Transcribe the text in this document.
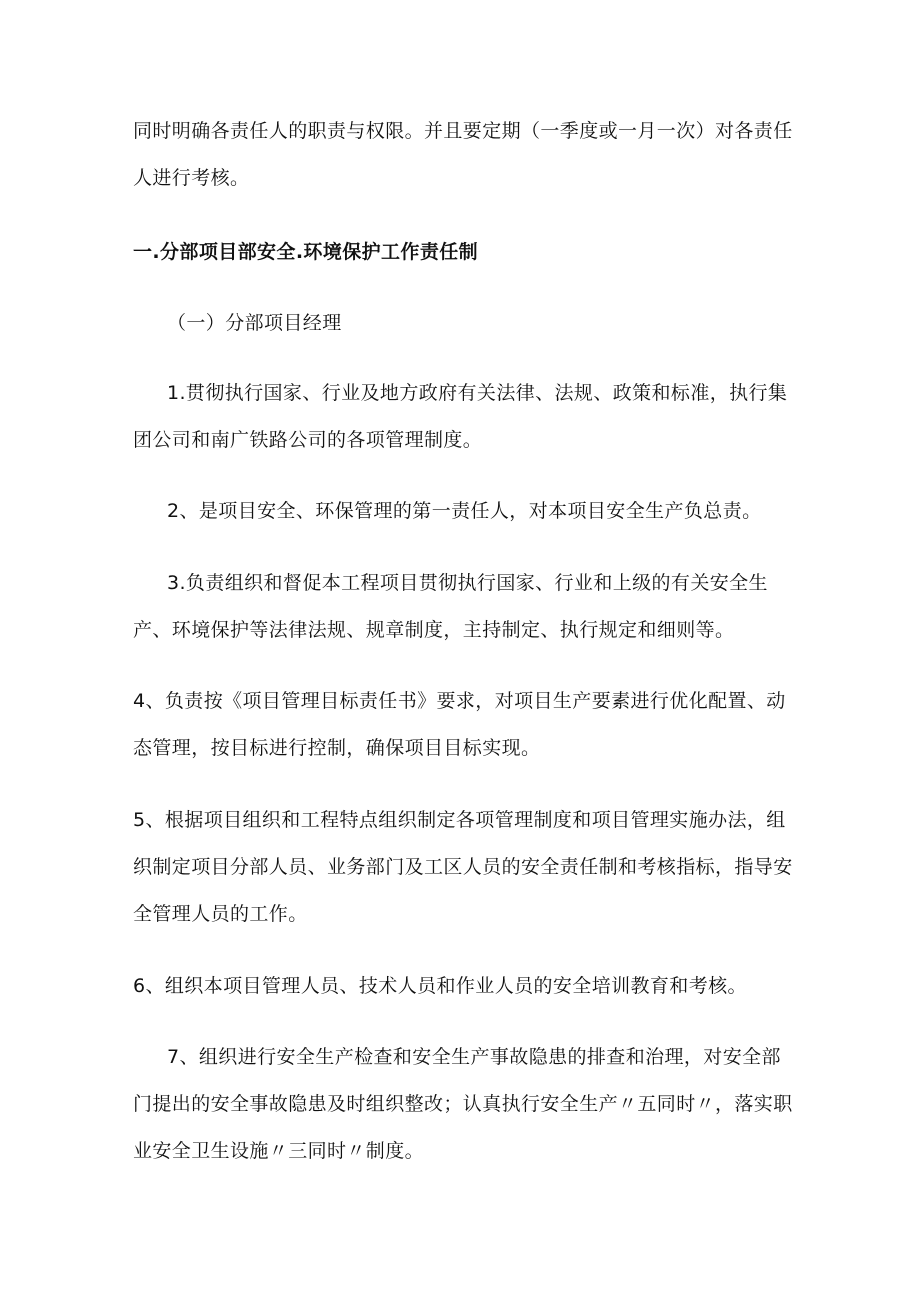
同时明确各责任人的职责与权限。并且要定期（一季度或一月一次）对各责任人进行考核。

一.分部项目部安全.环境保护工作责任制

（一）分部项目经理

1.贯彻执行国家、行业及地方政府有关法律、法规、政策和标准，执行集团公司和南广铁路公司的各项管理制度。

2、是项目安全、环保管理的第一责任人，对本项目安全生产负总责。

3.负责组织和督促本工程项目贯彻执行国家、行业和上级的有关安全生产、环境保护等法律法规、规章制度，主持制定、执行规定和细则等。

4、负责按《项目管理目标责任书》要求，对项目生产要素进行优化配置、动态管理，按目标进行控制，确保项目目标实现。

5、根据项目组织和工程特点组织制定各项管理制度和项目管理实施办法，组织制定项目分部人员、业务部门及工区人员的安全责任制和考核指标，指导安全管理人员的工作。

6、组织本项目管理人员、技术人员和作业人员的安全培训教育和考核。

7、组织进行安全生产检查和安全生产事故隐患的排查和治理，对安全部门提出的安全事故隐患及时组织整改；认真执行安全生产〃五同时〃，落实职业安全卫生设施〃三同时〃制度。
